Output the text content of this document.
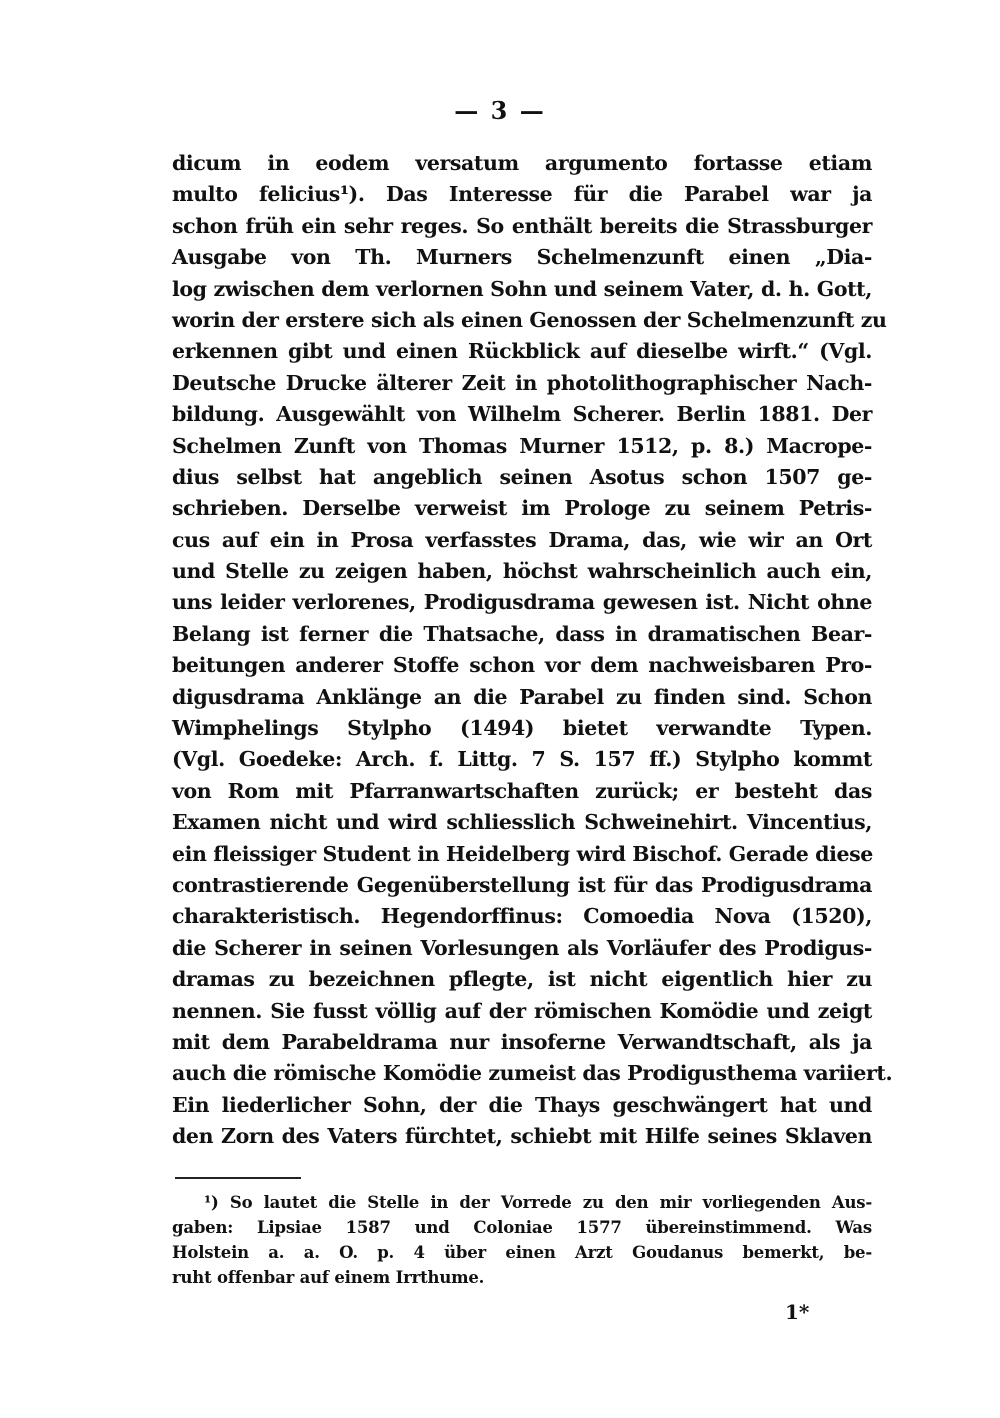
— 3 —
dicum in eodem versatum argumento fortasse etiam
multo felicius¹). Das Interesse für die Parabel war ja
schon früh ein sehr reges. So enthält bereits die Strassburger
Ausgabe von Th. Murners Schelmenzunft einen „Dia-
log zwischen dem verlornen Sohn und seinem Vater, d. h. Gott,
worin der erstere sich als einen Genossen der Schelmenzunft zu
erkennen gibt und einen Rückblick auf dieselbe wirft.“ (Vgl.
Deutsche Drucke älterer Zeit in photolithographischer Nach-
bildung. Ausgewählt von Wilhelm Scherer. Berlin 1881. Der
Schelmen Zunft von Thomas Murner 1512, p. 8.) Macrope-
dius selbst hat angeblich seinen Asotus schon 1507 ge-
schrieben. Derselbe verweist im Prologe zu seinem Petris-
cus auf ein in Prosa verfasstes Drama, das, wie wir an Ort
und Stelle zu zeigen haben, höchst wahrscheinlich auch ein,
uns leider verlorenes, Prodigusdrama gewesen ist. Nicht ohne
Belang ist ferner die Thatsache, dass in dramatischen Bear-
beitungen anderer Stoffe schon vor dem nachweisbaren Pro-
digusdrama Anklänge an die Parabel zu finden sind. Schon
Wimphelings Stylpho (1494) bietet verwandte Typen.
(Vgl. Goedeke: Arch. f. Littg. 7 S. 157 ff.) Stylpho kommt
von Rom mit Pfarranwartschaften zurück; er besteht das
Examen nicht und wird schliesslich Schweinehirt. Vincentius,
ein fleissiger Student in Heidelberg wird Bischof. Gerade diese
contrastierende Gegenüberstellung ist für das Prodigusdrama
charakteristisch. Hegendorffinus: Comoedia Nova (1520),
die Scherer in seinen Vorlesungen als Vorläufer des Prodigus-
dramas zu bezeichnen pflegte, ist nicht eigentlich hier zu
nennen. Sie fusst völlig auf der römischen Komödie und zeigt
mit dem Parabeldrama nur insoferne Verwandtschaft, als ja
auch die römische Komödie zumeist das Prodigusthema variiert.
Ein liederlicher Sohn, der die Thays geschwängert hat und
den Zorn des Vaters fürchtet, schiebt mit Hilfe seines Sklaven
¹) So lautet die Stelle in der Vorrede zu den mir vorliegenden Aus-
gaben: Lipsiae 1587 und Coloniae 1577 übereinstimmend. Was
Holstein a. a. O. p. 4 über einen Arzt Goudanus bemerkt, be-
ruht offenbar auf einem Irrthume.
1*
